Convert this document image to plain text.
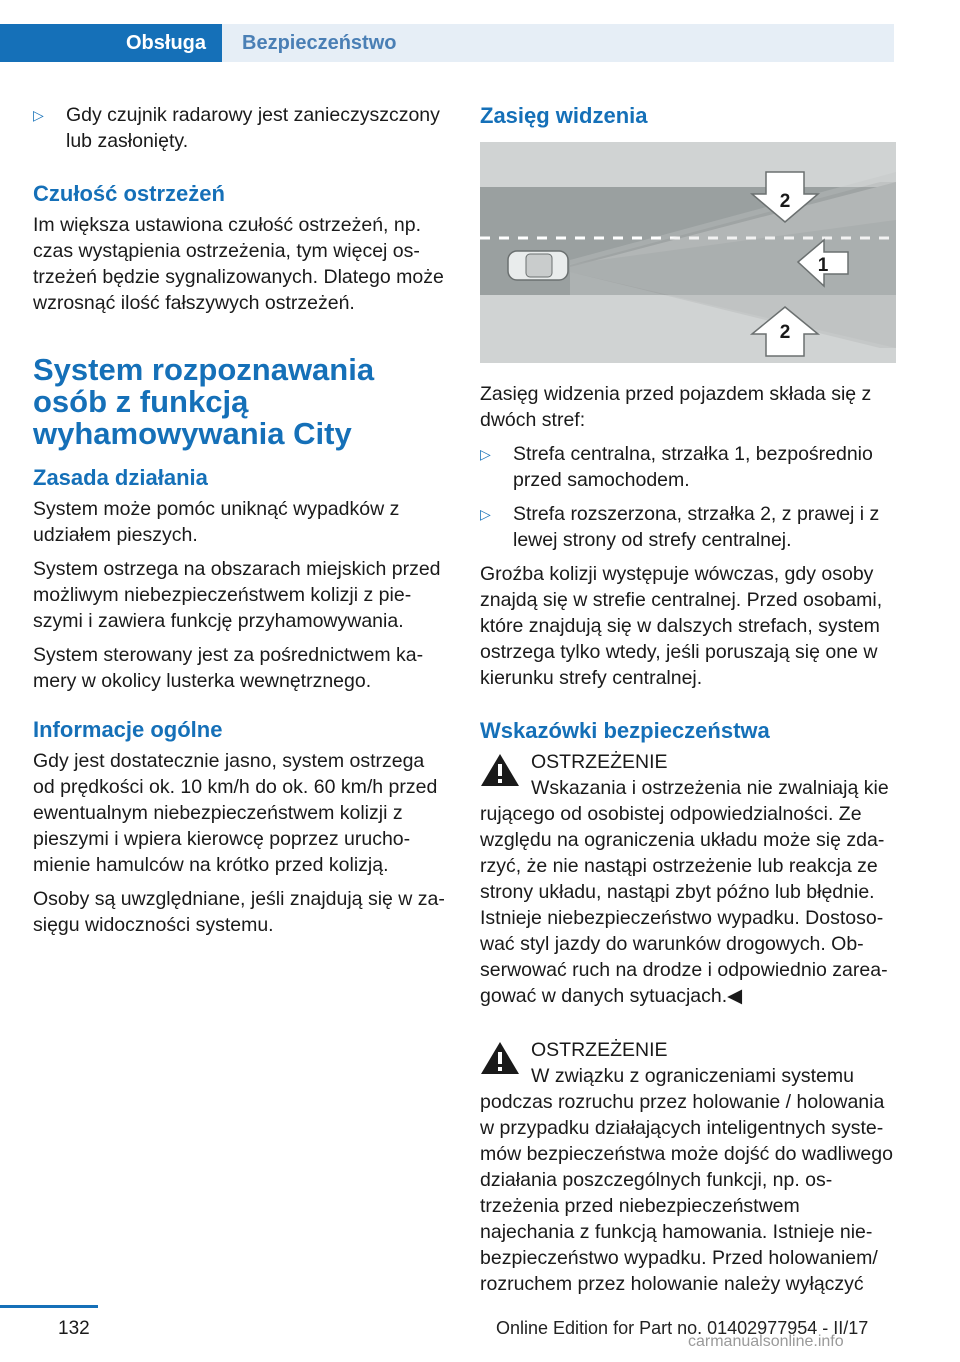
Obsługa	Bezpieczeństwo
▷ Gdy czujnik radarowy jest zanieczyszczony lub zasłonięty.
Czułość ostrzeżeń

Im większa ustawiona czułość ostrzeżeń, np. czas wystąpienia ostrzeżenia, tym więcej ostrzeżeń będzie sygnalizowanych. Dlatego może wzrosnąć ilość fałszywych ostrzeżeń.

System rozpoznawania osób z funkcją wyhamowywania City
Zasada działania

System może pomóc uniknąć wypadków z udziałem pieszych.

System ostrzega na obszarach miejskich przed możliwym niebezpieczeństwem kolizji z pieszymi i zawiera funkcję przyhamowywania.

System sterowany jest za pośrednictwem kamery w okolicy lusterka wewnętrznego.

Informacje ogólne

Gdy jest dostatecznie jasno, system ostrzega od prędkości ok. 10 km/h do ok. 60 km/h przed ewentualnym niebezpieczeństwem kolizji z pieszymi i wpiera kierowcę poprzez uruchomienie hamulców na krótko przed kolizją.

Osoby są uwzględniane, jeśli znajdują się w zasięgu widoczności systemu.

Zasięg widzenia
2
1
2

Zasięg widzenia przed pojazdem składa się z dwóch stref:

▷ Strefa centralna, strzałka 1, bezpośrednio przed samochodem.
▷ Strefa rozszerzona, strzałka 2, z prawej i z lewej strony od strefy centralnej.

Groźba kolizji występuje wówczas, gdy osoby znajdą się w strefie centralnej. Przed osobami, które znajdują się w dalszych strefach, system ostrzega tylko wtedy, jeśli poruszają się one w kierunku strefy centralnej.

Wskazówki bezpieczeństwa
OSTRZEŻENIE
Wskazania i ostrzeżenia nie zwalniają kie
rującego od osobistej odpowiedzialności. Ze względu na ograniczenia układu może się zdarzyć, że nie nastąpi ostrzeżenie lub reakcja ze strony układu, nastąpi zbyt późno lub błędnie. Istnieje niebezpieczeństwo wypadku. Dostosować styl jazdy do warunków drogowych. Obserwować ruch na drodze i odpowiednio zareagować w danych sytuacjach.◀
OSTRZEŻENIE
W związku z ograniczeniami systemu
podczas rozruchu przez holowanie / holowania w przypadku działających inteligentnych systemów bezpieczeństwa może dojść do wadliwego działania poszczególnych funkcji, np. ostrzeżenia przed niebezpieczeństwem najechania z funkcją hamowania. Istnieje niebezpieczeństwo wypadku. Przed holowaniem/ rozruchem przez holowanie należy wyłączyć
132	Online Edition for Part no. 01402977954 - II/17
carmanualsonline.info
